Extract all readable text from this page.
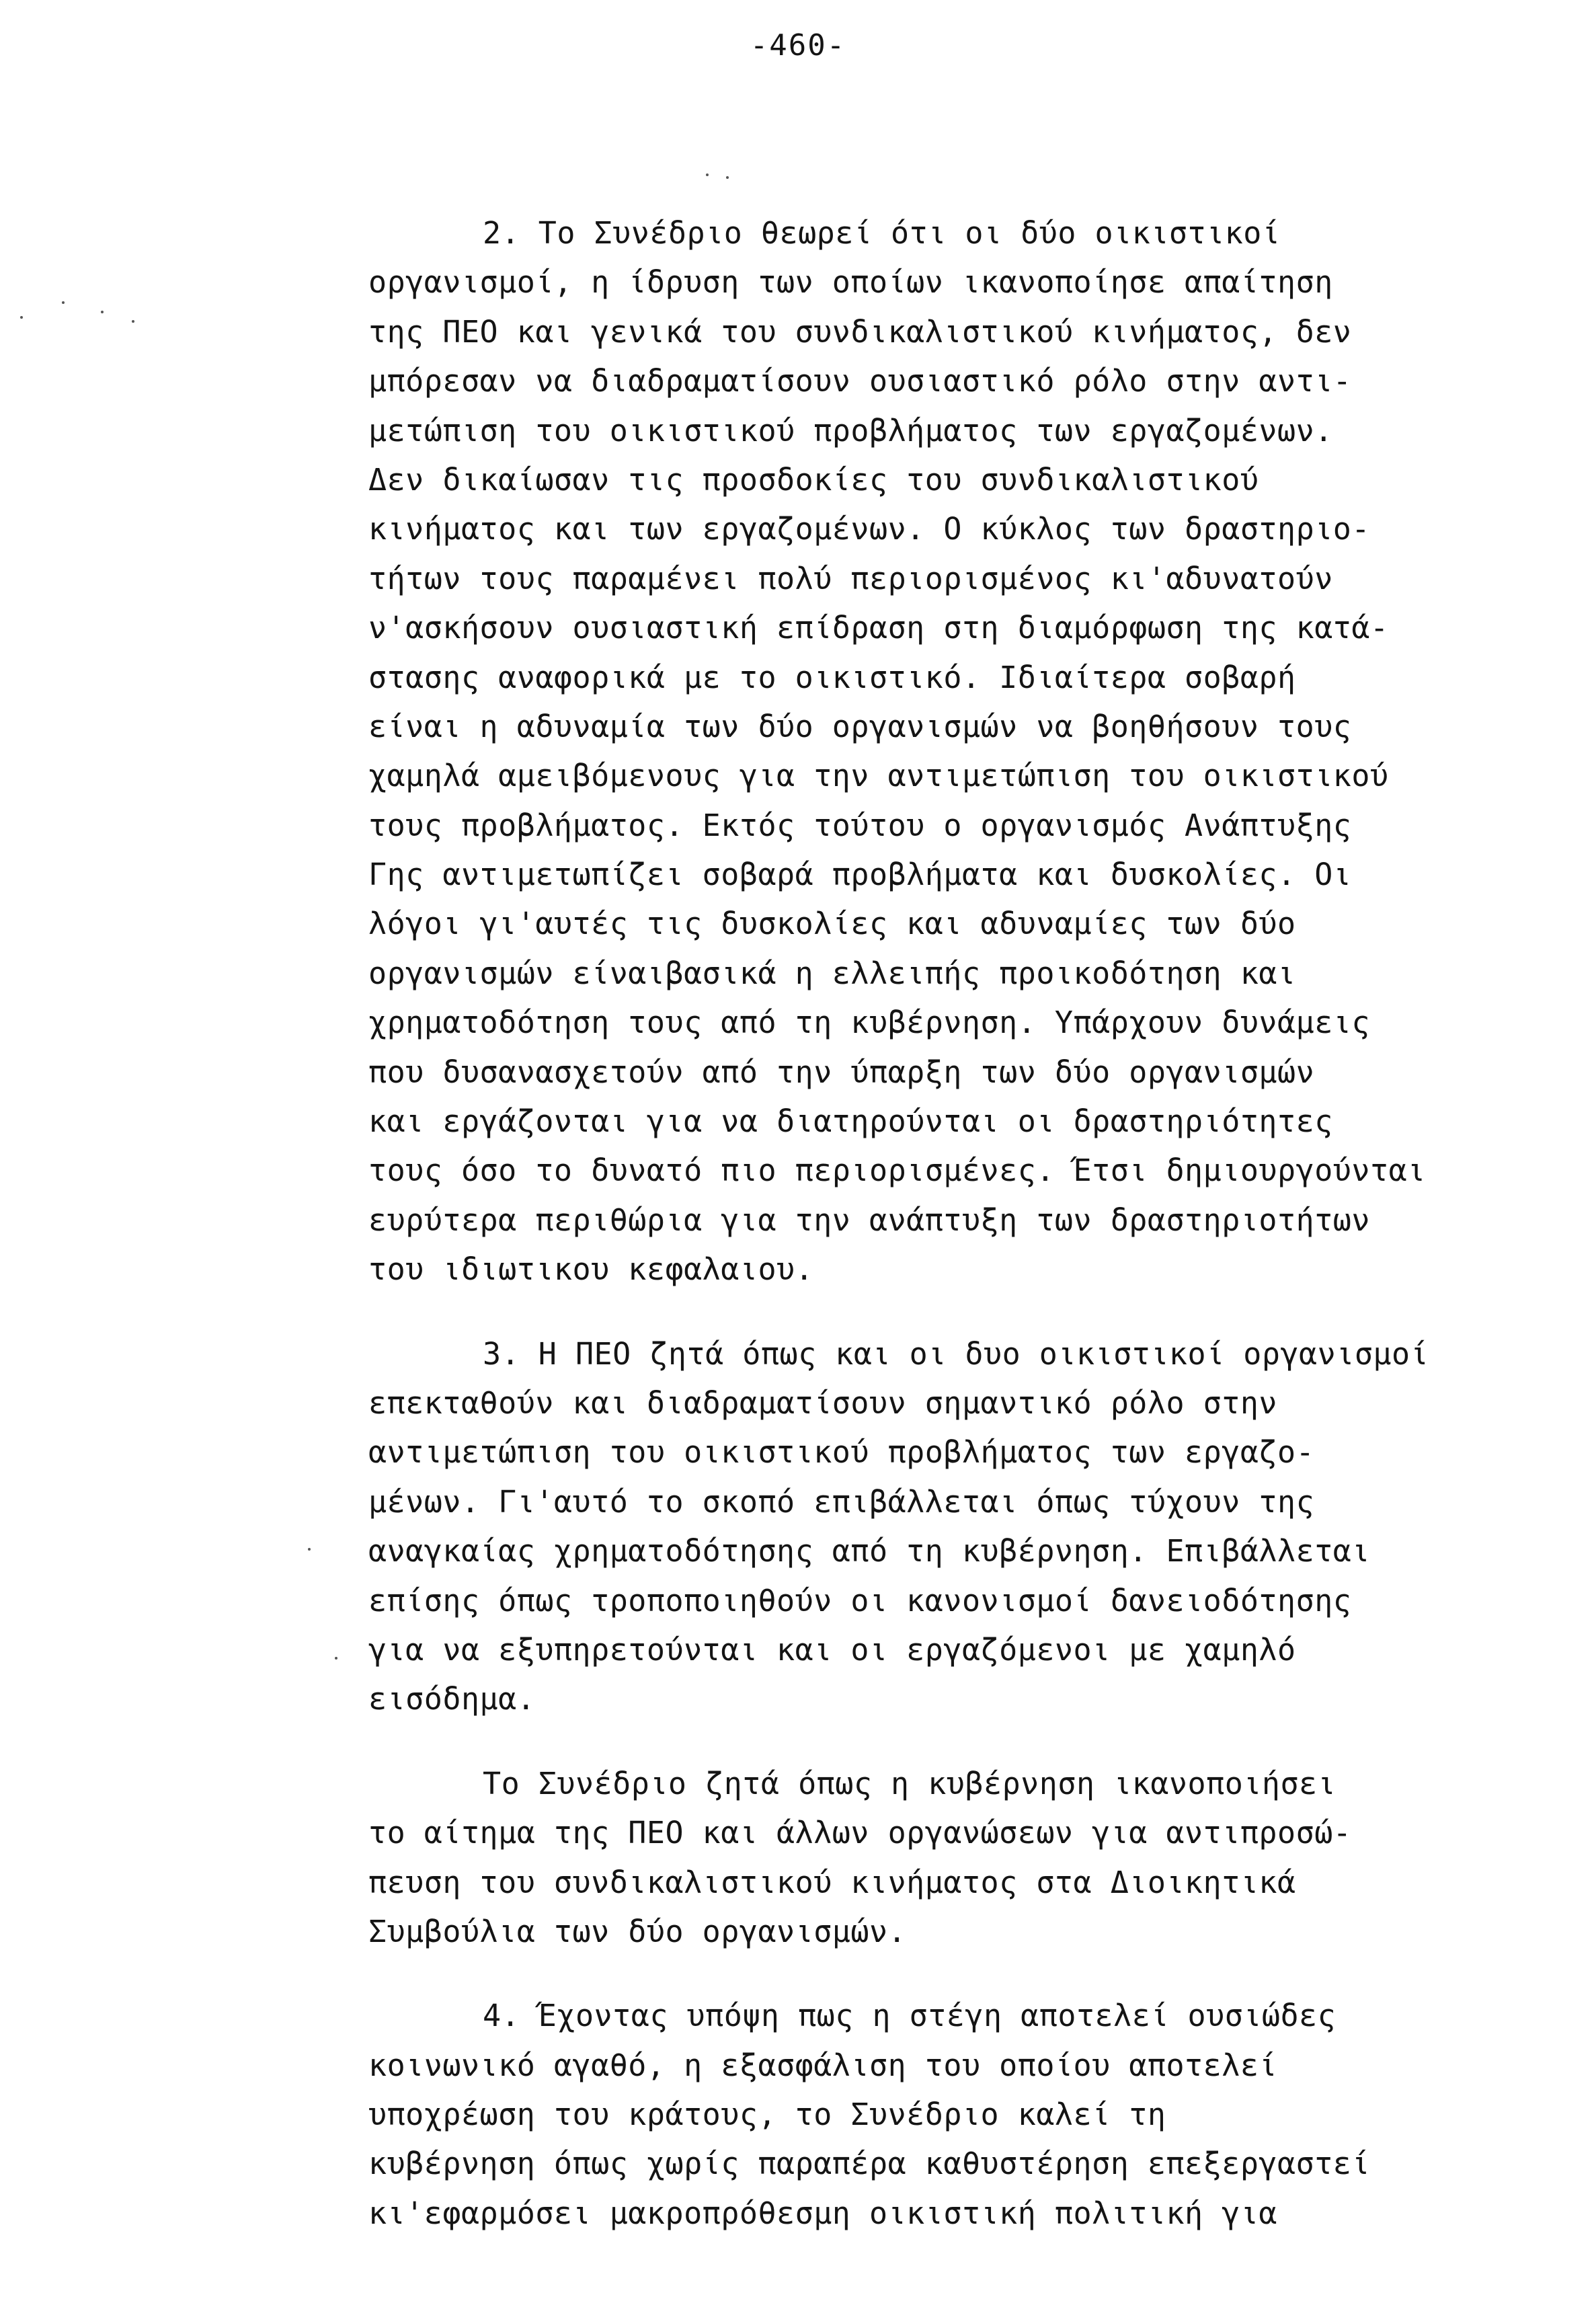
-460-
2. Το Συνέδριο θεωρεί ότι οι δύο οικιστικοί
οργανισμοί, η ίδρυση των οποίων ικανοποίησε απαίτηση
της ΠΕΟ και γενικά του συνδικαλιστικού κινήματος, δεν
μπόρεσαν να διαδραματίσουν ουσιαστικό ρόλο στην αντι-
μετώπιση του οικιστικού προβλήματος των εργαζομένων.
Δεν δικαίωσαν τις προσδοκίες του συνδικαλιστικού
κινήματος και των εργαζομένων. Ο κύκλος των δραστηριο-
τήτων τους παραμένει πολύ περιορισμένος κι'αδυνατούν
ν'ασκήσουν ουσιαστική επίδραση στη διαμόρφωση της κατά-
στασης αναφορικά με το οικιστικό. Ιδιαίτερα σοβαρή
είναι η αδυναμία των δύο οργανισμών να βοηθήσουν τους
χαμηλά αμειβόμενους για την αντιμετώπιση του οικιστικού
τους προβλήματος. Εκτός τούτου ο οργανισμός Ανάπτυξης
Γης αντιμετωπίζει σοβαρά προβλήματα και δυσκολίες. Οι
λόγοι γι'αυτές τις δυσκολίες και αδυναμίες των δύο
οργανισμών είναιβασικά η ελλειπής προικοδότηση και
χρηματοδότηση τους από τη κυβέρνηση. Υπάρχουν δυνάμεις
που δυσανασχετούν από την ύπαρξη των δύο οργανισμών
και εργάζονται για να διατηρούνται οι δραστηριότητες
τους όσο το δυνατό πιο περιορισμένες. Έτσι δημιουργούνται
ευρύτερα περιθώρια για την ανάπτυξη των δραστηριοτήτων
του ιδιωτικου κεφαλαιου.
3. Η ΠΕΟ ζητά όπως και οι δυο οικιστικοί οργανισμοί
επεκταθούν και διαδραματίσουν σημαντικό ρόλο στην
αντιμετώπιση του οικιστικού προβλήματος των εργαζο-
μένων. Γι'αυτό το σκοπό επιβάλλεται όπως τύχουν της
αναγκαίας χρηματοδότησης από τη κυβέρνηση. Επιβάλλεται
επίσης όπως τροποποιηθούν οι κανονισμοί δανειοδότησης
για να εξυπηρετούνται και οι εργαζόμενοι με χαμηλό
εισόδημα.
Το Συνέδριο ζητά όπως η κυβέρνηση ικανοποιήσει
το αίτημα της ΠΕΟ και άλλων οργανώσεων για αντιπροσώ-
πευση του συνδικαλιστικού κινήματος στα Διοικητικά
Συμβούλια των δύο οργανισμών.
4. Έχοντας υπόψη πως η στέγη αποτελεί ουσιώδες
κοινωνικό αγαθό, η εξασφάλιση του οποίου αποτελεί
υποχρέωση του κράτους, το Συνέδριο καλεί τη
κυβέρνηση όπως χωρίς παραπέρα καθυστέρηση επεξεργαστεί
κι'εφαρμόσει μακροπρόθεσμη οικιστική πολιτική για
